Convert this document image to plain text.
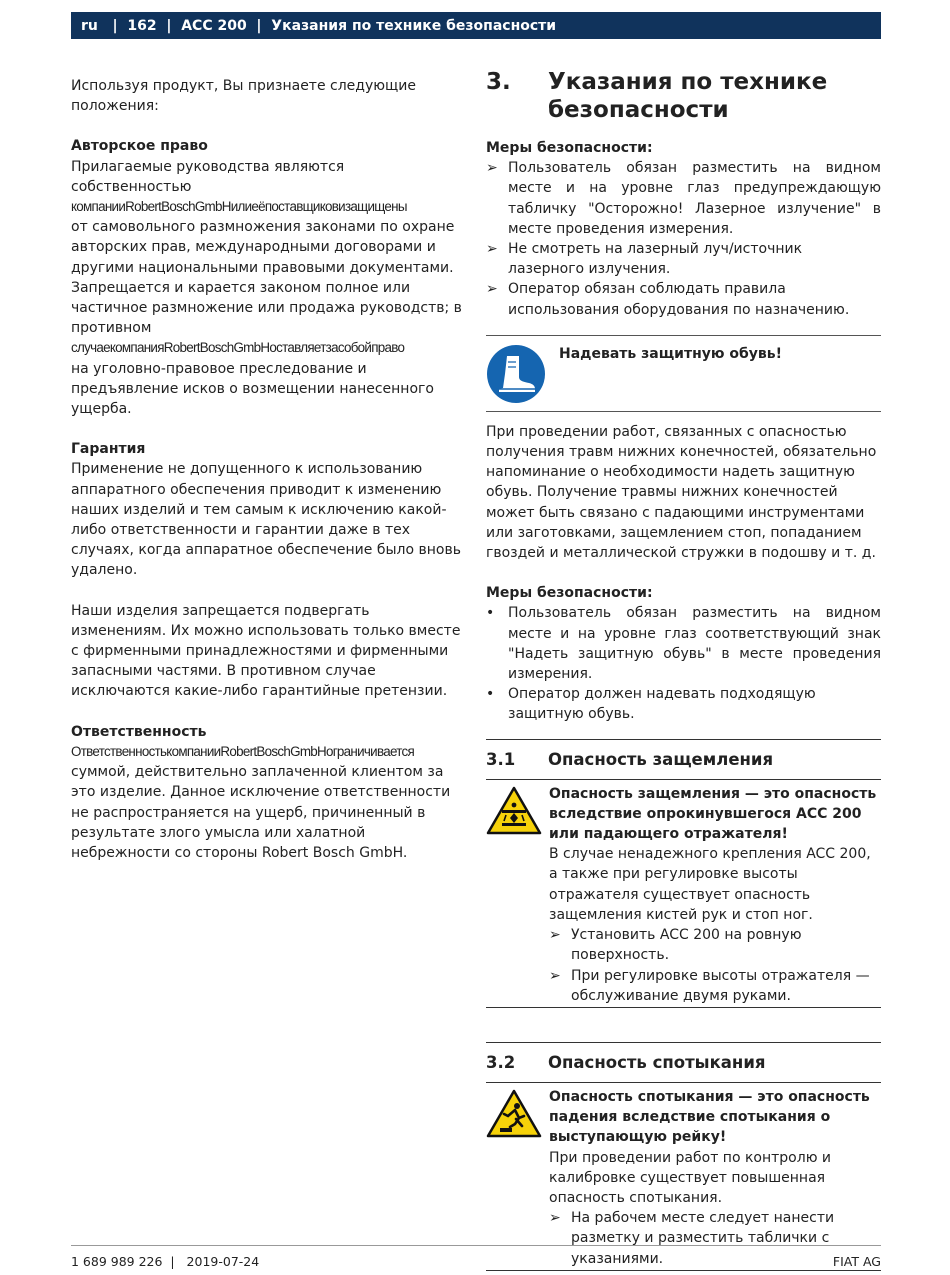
ru | 162 | ACC 200 | Указания по технике безопасности

Используя продукт, Вы признаете следующие положения:

Авторское право

Прилагаемые руководства являются собственностью

компанииRobertBoschGmbHилиеёпоставщиковизащищены

от самовольного размножения законами по охране авторских прав, международными договорами и другими национальными правовыми документами. Запрещается и карается законом полное или частичное размножение или продажа руководств; в противном

случаекомпанияRobertBoschGmbHоставляетзасобойправо

на уголовно-правовое преследование и предъявление исков о возмещении нанесенного ущерба.

Гарантия

Применение не допущенного к использованию аппаратного обеспечения приводит к изменению наших изделий и тем самым к исключению какой-либо ответственности и гарантии даже в тех случаях, когда аппаратное обеспечение было вновь удалено.

Наши изделия запрещается подвергать изменениям. Их можно использовать только вместе с фирменными принадлежностями и фирменными запасными частями. В противном случае исключаются какие-либо гарантийные претензии.

Ответственность

ОтветственностькомпанииRobertBoschGmbHограничивается

суммой, действительно заплаченной клиентом за это изделие. Данное исключение ответственности не распространяется на ущерб, причиненный в результате злого умысла или халатной небрежности со стороны Robert Bosch GmbH.

3.	Указания по технике безопасности

Меры безопасности:

➢ Пользователь обязан разместить на видном месте и на уровне глаз предупреждающую табличку "Осторожно! Лазерное излучение" в месте проведения измерения.
➢ Не смотреть на лазерный луч/источник лазерного излучения.
➢ Оператор обязан соблюдать правила использования оборудования по назначению.

Надевать защитную обувь!

При проведении работ, связанных с опасностью получения травм нижних конечностей, обязательно напоминание о необходимости надеть защитную обувь. Получение травмы нижних конечностей может быть связано с падающими инструментами или заготовками, защемлением стоп, попаданием гвоздей и металлической стружки в подошву и т. д.

Меры безопасности:

• Пользователь обязан разместить на видном месте и на уровне глаз соответствующий знак "Надеть защитную обувь" в месте проведения измерения.
• Оператор должен надевать подходящую защитную обувь.
3.1	Опасность защемления

Опасность защемления — это опасность вследствие опрокинувшегося ACC 200 или падающего отражателя!

В случае ненадежного крепления ACC 200, а также при регулировке высоты отражателя существует опасность защемления кистей рук и стоп ног.

➢ Установить ACC 200 на ровную поверхность.
➢ При регулировке высоты отражателя — обслуживание двумя руками.
3.2	Опасность спотыкания

Опасность спотыкания — это опасность падения вследствие спотыкания о выступающую рейку!

При проведении работ по контролю и калибровке существует повышенная опасность спотыкания.

➢ На рабочем месте следует нанести разметку и разместить таблички с указаниями.
1 689 989 226  |   2019-07-24	FIAT AG
